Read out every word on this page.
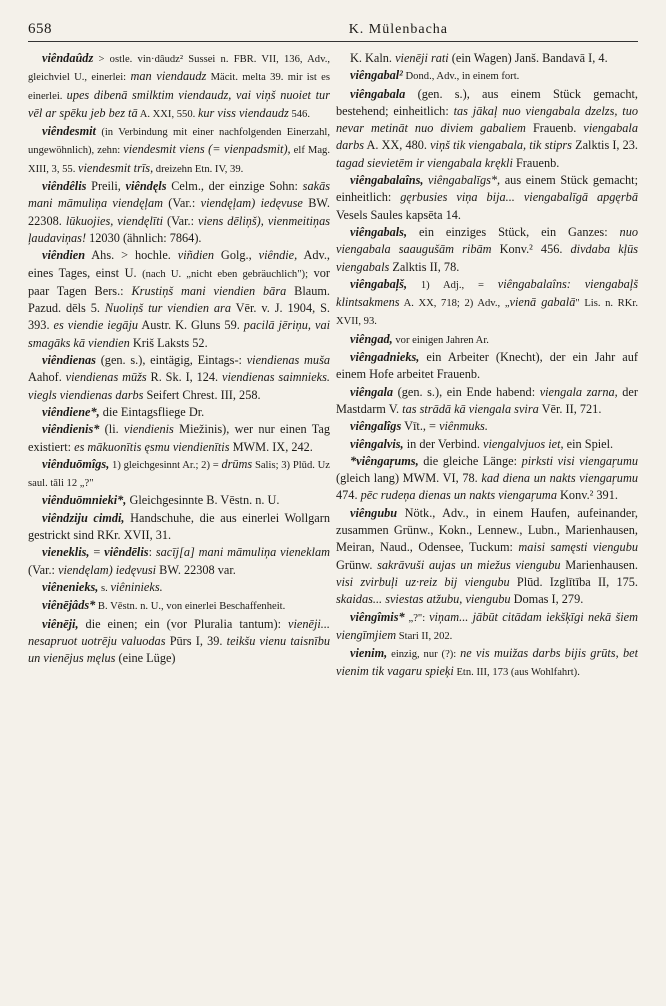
658	K. Mülenbacha

viêndaûdz > ostle. vin·dâudz² Sussei n. FBR. VII, 136, Adv., gleichviel U., einerlei: man viendaudz Mäcit. melta 39. mir ist es einerlei. upes dibenā smilktim viendaudz, vai viņš nuoiet tur vēl ar spēku jeb bez tā A. XXI, 550. kur viss viendaudz 546.

viêndesmit (in Verbindung mit einer nachfolgenden Einerzahl, ungewöhnlich), zehn: viendesmit viens (= vienpadsmit), elf Mag. XIII, 3, 55. viendesmit trīs, dreizehn Etn. IV, 39.

viêndêlis Preili, viêndęls Celm., der einzige Sohn: sakās mani māmuliņa viendęļam (Var.: viendęļam) iedęvuse BW. 22308. lūkuojies, viendęlīti (Var.: viens dēliņš), vienmeitiņas ļaudaviņas! 12030 (ähnlich: 7864).

viêndien Ahs. > hochle. viñdien Golg., viêndie, Adv., eines Tages, einst U. (nach U. „nicht eben gebräuchlich"); vor paar Tagen Bers.: Krustiņš mani viendien bāra Blaum. Pazud. dēls 5. Nuoliņš tur viendien ara Vēr. v. J. 1904, S. 393. es viendie iegāju Austr. K. Gluns 59. pacilā jēriņu, vai smagāks kā viendien Kriš Laksts 52.

viêndienas (gen. s.), eintägig, Eintags-: viendienas muša Aahof. viendienas mūžs R. Sk. I, 124. viendienas saimnieks. viegls viendienas darbs Seifert Chrest. III, 258.

viêndiene*, die Eintagsfliege Dr.

viêndienis* (li. viendienis Miežinis), wer nur einen Tag existiert: es mākuonītis ęsmu viendienītis MWM. IX, 242.

viênduōmîgs, 1) gleichgesinnt Ar.; 2) = drūms Salis; 3) Plūd. Uz saul. tāli 12 „?"

viênduōmnieki*, Gleichgesinnte B. Vēstn. n. U.

viêndziju cimdi, Handschuhe, die aus einerlei Wollgarn gestrickt sind RKr. XVII, 31.

vieneklis, = viêndēlis: sacīj[a] mani māmuliņa vieneklam (Var.: viendęlam) iedęvusi BW. 22308 var.

viênenieks, s. viêninieks.

viênējâds* B. Vēstn. n. U., von einerlei Beschaffenheit.

viênēji, die einen; ein (vor Pluralia tantum): vienēji... nesapruot uotrēju valuodas Pūrs I, 39. teikšu vienu taisnību un vienējus męlus (eine Lüge)

K. Kaln. vienēji rati (ein Wagen) Janš. Bandavā I, 4.

viêngabal² Dond., Adv., in einem fort.

viêngabala (gen. s.), aus einem Stück gemacht, bestehend; einheitlich: tas jākaļ nuo viengabala dzelzs, tuo nevar metināt nuo diviem gabaliem Frauenb. viengabala darbs A. XX, 480. viņš tik viengabala, tik stiprs Zalktis I, 23. tagad sievietēm ir viengabala krękli Frauenb.

viêngabalaîns, viêngabalīgs*, aus einem Stück gemacht; einheitlich: gęrbusies viņa bija... viengabalīgā apgęrbā Vesels Saules kapsēta 14.

viêngabals, ein einziges Stück, ein Ganzes: nuo viengabala saaugušām ribām Konv.² 456. divdaba kļūs viengabals Zalktis II, 78.

viêngabaļš, 1) Adj., = viêngabalaîns: viengabaļš klintsakmens A. XX, 718; 2) Adv., „vienā gabalā" Lis. n. RKr. XVII, 93.

viêngad, vor einigen Jahren Ar.

viêngadnieks, ein Arbeiter (Knecht), der ein Jahr auf einem Hofe arbeitet Frauenb.

viêngala (gen. s.), ein Ende habend: viengala zarna, der Mastdarm V. tas strādā kā viengala svira Vēr. II, 721.

viêngalîgs Vīt., = viênmuks.

viêngalvis, in der Verbind. viengalvjuos iet, ein Spiel.

*viêngaŗums, die gleiche Länge: pirksti visi viengaŗumu (gleich lang) MWM. VI, 78. kad diena un nakts viengaŗumu 474. pēc rudeņa dienas un nakts viengaŗuma Konv.² 391.

viêngubu Nötk., Adv., in einem Haufen, aufeinander, zusammen Grünw., Kokn., Lennew., Lubn., Marienhausen, Meiran, Naud., Odensee, Tuckum: maisi samęsti viengubu Grünw. sakrāvuši aujas un miežus viengubu Marienhausen. visi zvirbuļi uz·reiz bij viengubu Plūd. Izglītība II, 175. skaidas... sviestas atžubu, viengubu Domas I, 279.

viêngîmis* „?": viņam... jābūt citādam iekšķīgi nekā šiem viengīmjiem Stari II, 202.

vienim, einzig, nur (?): ne vis muižas darbs bijis grūts, bet vienim tik vagaru spieķi Etn. III, 173 (aus Wohlfahrt).
